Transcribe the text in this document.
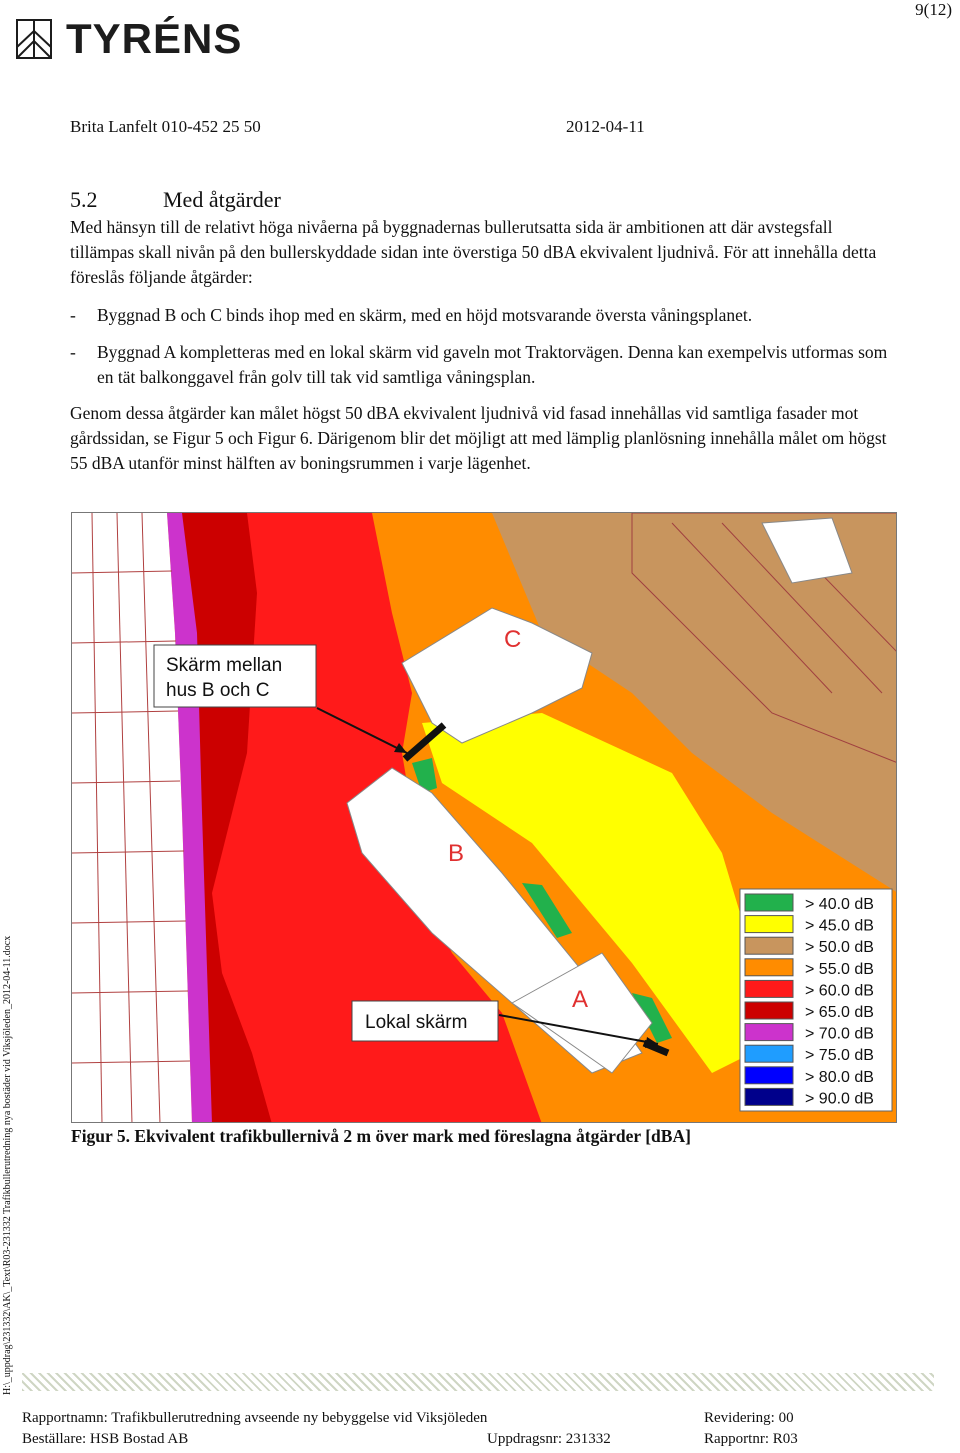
9(12)
TYRÉNS
Brita Lanfelt 010-452 25 50	2012-04-11
5.2	Med åtgärder
Med hänsyn till de relativt höga nivåerna på byggnadernas bullerutsatta sida är ambitionen att där avstegsfall tillämpas skall nivån på den bullerskyddade sidan inte överstiga 50 dBA ekvivalent ljudnivå. För att innehålla detta föreslås följande åtgärder:
-	Byggnad B och C binds ihop med en skärm, med en höjd motsvarande översta våningsplanet.
-	Byggnad A kompletteras med en lokal skärm vid gaveln mot Traktorvägen. Denna kan exempelvis utformas som en tät balkonggavel från golv till tak vid samtliga våningsplan.
Genom dessa åtgärder kan målet högst 50 dBA ekvivalent ljudnivå vid fasad innehållas vid samtliga fasader mot gårdssidan, se Figur 5 och Figur 6. Därigenom blir det möjligt att med lämplig planlösning innehålla målet om högst 55 dBA utanför minst hälften av boningsrummen i varje lägenhet.
C
B
A
Skärm mellan
hus B och C
Lokal skärm
> 40.0 dB
> 45.0 dB
> 50.0 dB
> 55.0 dB
> 60.0 dB
> 65.0 dB
> 70.0 dB
> 75.0 dB
> 80.0 dB
> 90.0 dB
Figur 5. Ekvivalent trafikbullernivå 2 m över mark med föreslagna åtgärder [dBA]
H:\_uppdrag\231332\AK\_Text\R03-231332 Trafikbullerutredning nya bostäder vid Viksjöleden_2012-04-11.docx
Rapportnamn: Trafikbullerutredning avseende ny bebyggelse vid Viksjöleden	Revidering: 00
Beställare: HSB Bostad AB	Uppdragsnr: 231332	Rapportnr: R03
